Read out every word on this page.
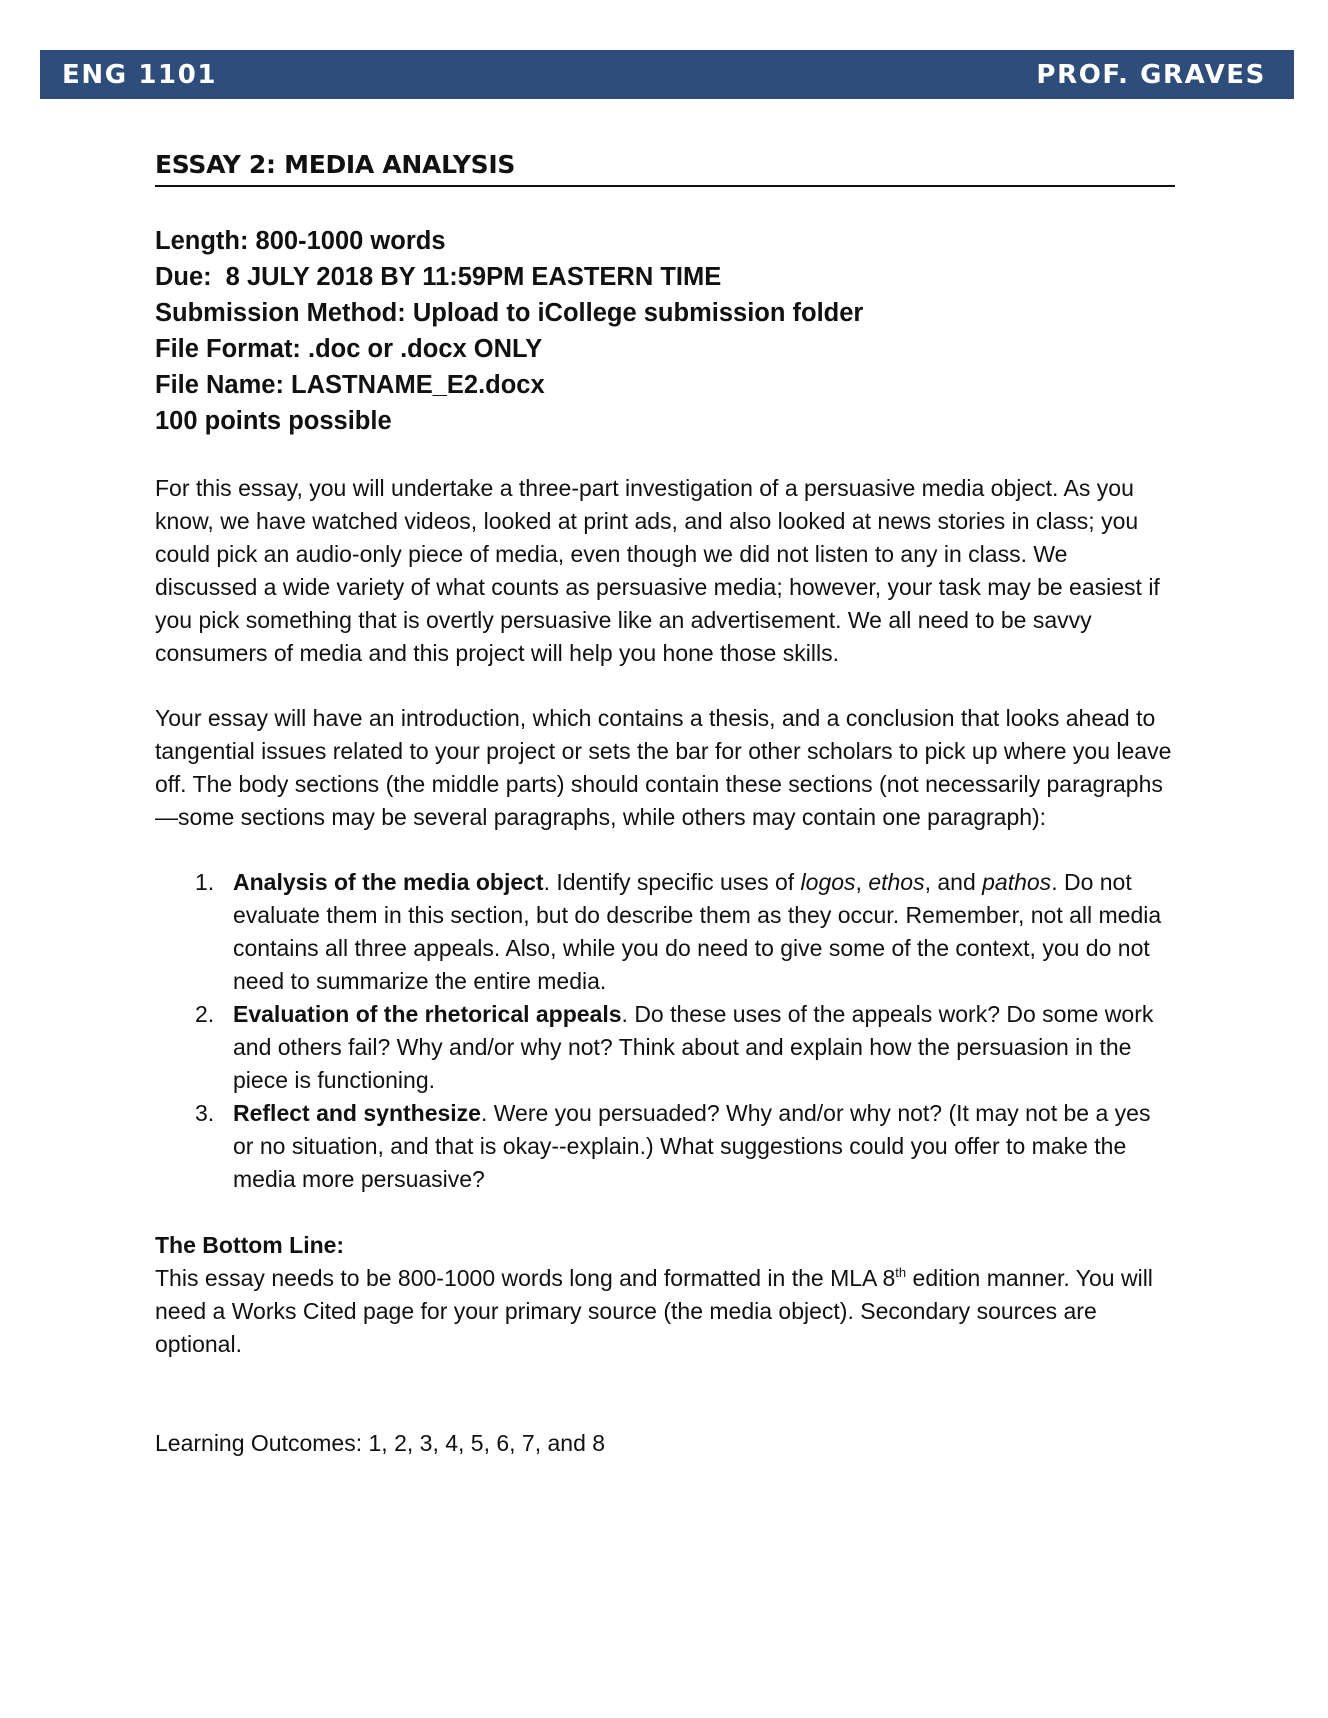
ENG 1101	PROF. GRAVES
ESSAY 2: MEDIA ANALYSIS
Length: 800-1000 words
Due: 8 JULY 2018 BY 11:59PM EASTERN TIME
Submission Method: Upload to iCollege submission folder
File Format: .doc or .docx ONLY
File Name: LASTNAME_E2.docx
100 points possible

For this essay, you will undertake a three-part investigation of a persuasive media object. As you know, we have watched videos, looked at print ads, and also looked at news stories in class; you could pick an audio-only piece of media, even though we did not listen to any in class. We discussed a wide variety of what counts as persuasive media; however, your task may be easiest if you pick something that is overtly persuasive like an advertisement. We all need to be savvy consumers of media and this project will help you hone those skills.

Your essay will have an introduction, which contains a thesis, and a conclusion that looks ahead to tangential issues related to your project or sets the bar for other scholars to pick up where you leave off. The body sections (the middle parts) should contain these sections (not necessarily paragraphs—some sections may be several paragraphs, while others may contain one paragraph):

1. Analysis of the media object. Identify specific uses of logos, ethos, and pathos. Do not evaluate them in this section, but do describe them as they occur. Remember, not all media contains all three appeals. Also, while you do need to give some of the context, you do not need to summarize the entire media.
2. Evaluation of the rhetorical appeals. Do these uses of the appeals work? Do some work and others fail? Why and/or why not? Think about and explain how the persuasion in the piece is functioning.
3. Reflect and synthesize. Were you persuaded? Why and/or why not? (It may not be a yes or no situation, and that is okay--explain.) What suggestions could you offer to make the media more persuasive?
The Bottom Line:

This essay needs to be 800-1000 words long and formatted in the MLA 8th edition manner. You will need a Works Cited page for your primary source (the media object). Secondary sources are optional.

Learning Outcomes: 1, 2, 3, 4, 5, 6, 7, and 8
